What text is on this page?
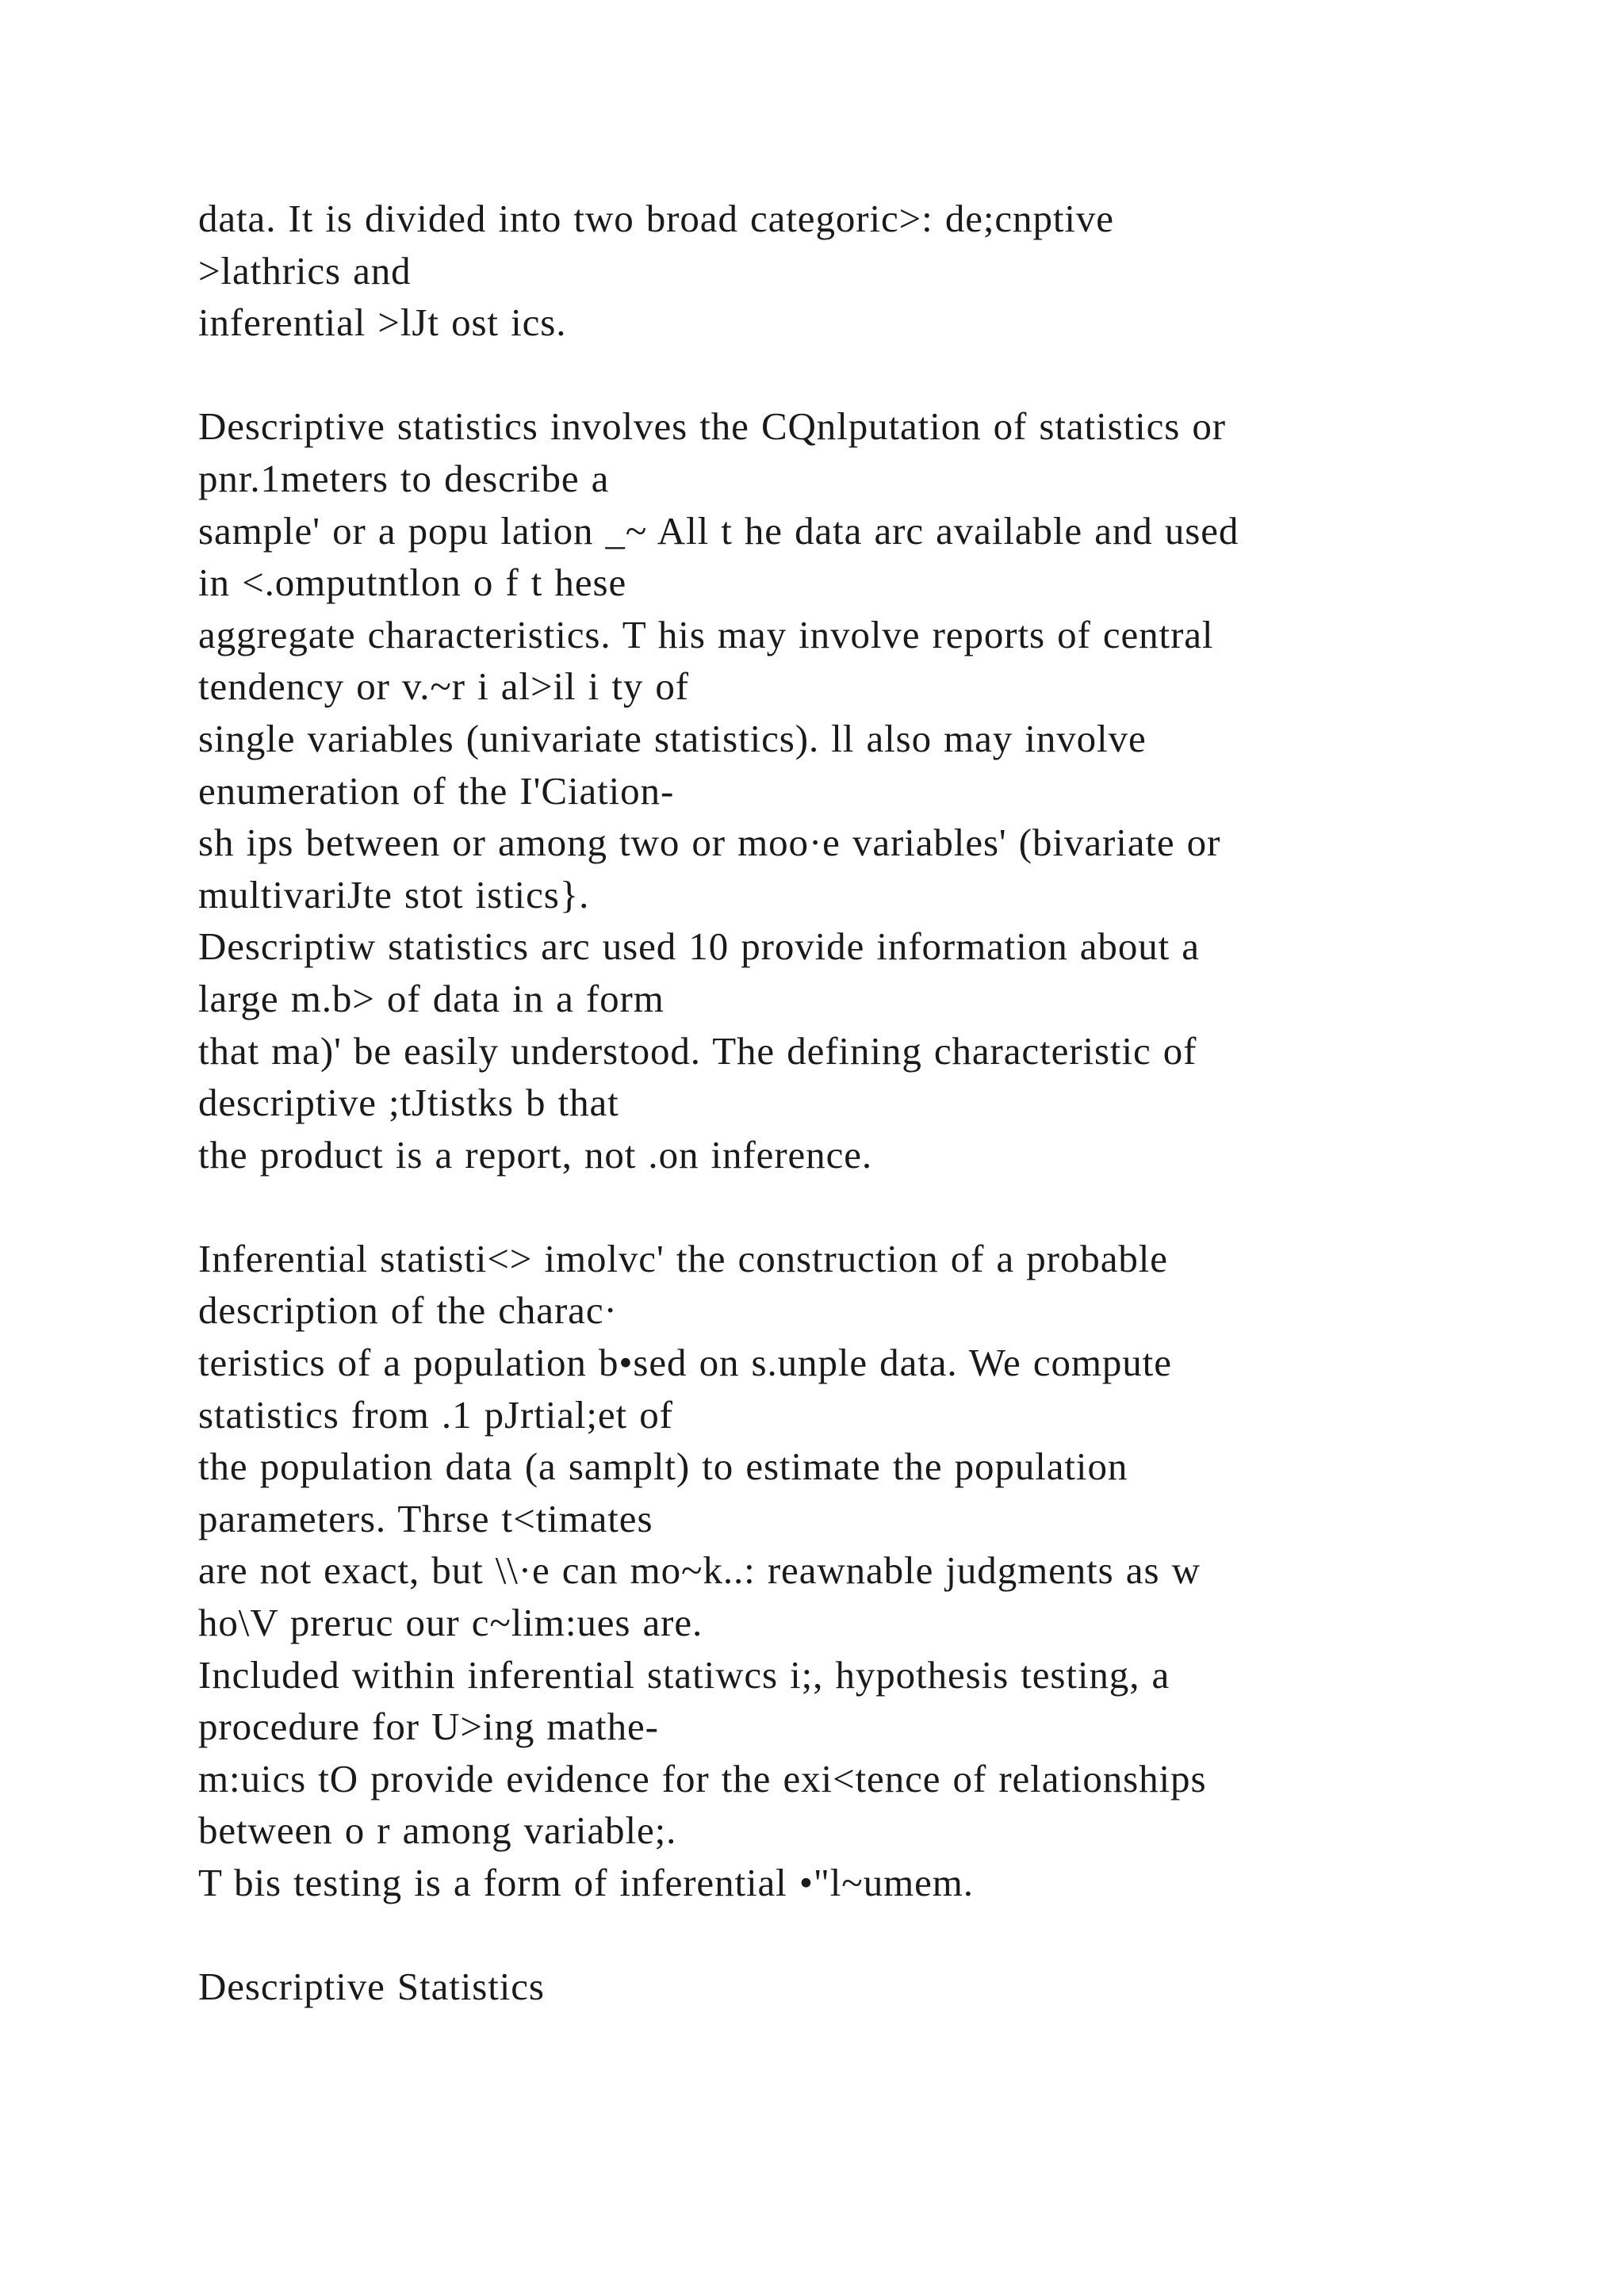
data. It is divided into two broad categoric>: de;cnptive
>lathrics and
inferential >lJt ost ics.
Descriptive statistics involves the CQnlputation of statistics or
pnr.1meters to describe a
sample' or a popu lation _~ All t he data arc available and used
in <.omputntlon o f t hese
aggregate characteristics. T his may involve reports of central
tendency or v.~r i al>il i ty of
single variables (univariate statistics). ll also may involve
enumeration of the I'Ciation-
sh ips between or among two or moo·e variables' (bivariate or
multivariJte stot istics}.
Descriptiw statistics arc used 10 provide information about a
large m.b> of data in a form
that ma)' be easily understood. The defining characteristic of
descriptive ;tJtistks b that
the product is a report, not .on inference.
Inferential statisti<> imolvc' the construction of a probable
description of the charac·
teristics of a population b•sed on s.unple data. We compute
statistics from .1 pJrtial;et of
the population data (a samplt) to estimate the population
parameters. Thrse t<timates
are not exact, but \\·e can mo~k..: reawnable judgments as w
ho\V preruc our c~lim:ues are.
Included within inferential statiwcs i;, hypothesis testing, a
procedure for U>ing mathe-
m:uics tO provide evidence for the exi<tence of relationships
between o r among variable;.
T bis testing is a form of inferential •"l~umem.
Descriptive Statistics
